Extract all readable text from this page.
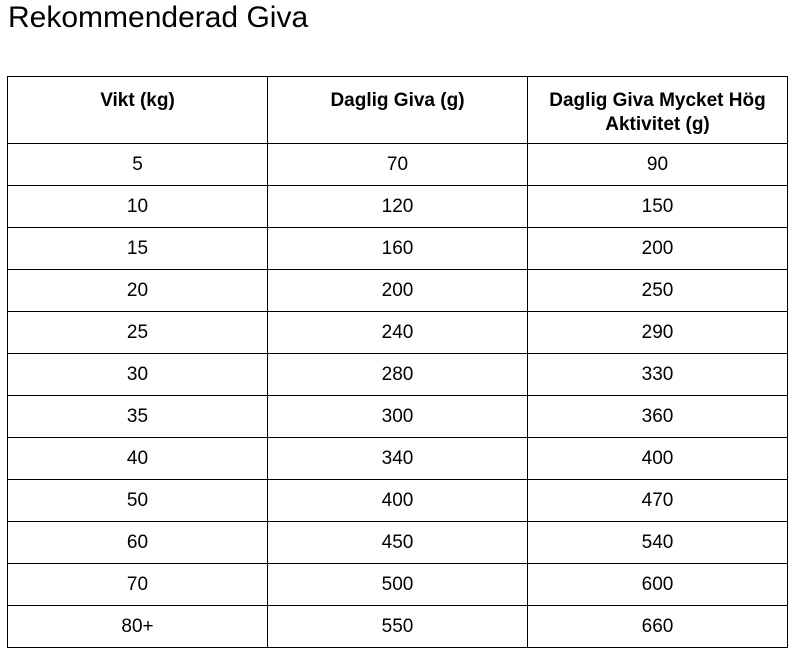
Rekommenderad Giva
Vikt (kg)	Daglig Giva (g)	Daglig Giva Mycket Hög Aktivitet (g)
5	70	90
10	120	150
15	160	200
20	200	250
25	240	290
30	280	330
35	300	360
40	340	400
50	400	470
60	450	540
70	500	600
80+	550	660
